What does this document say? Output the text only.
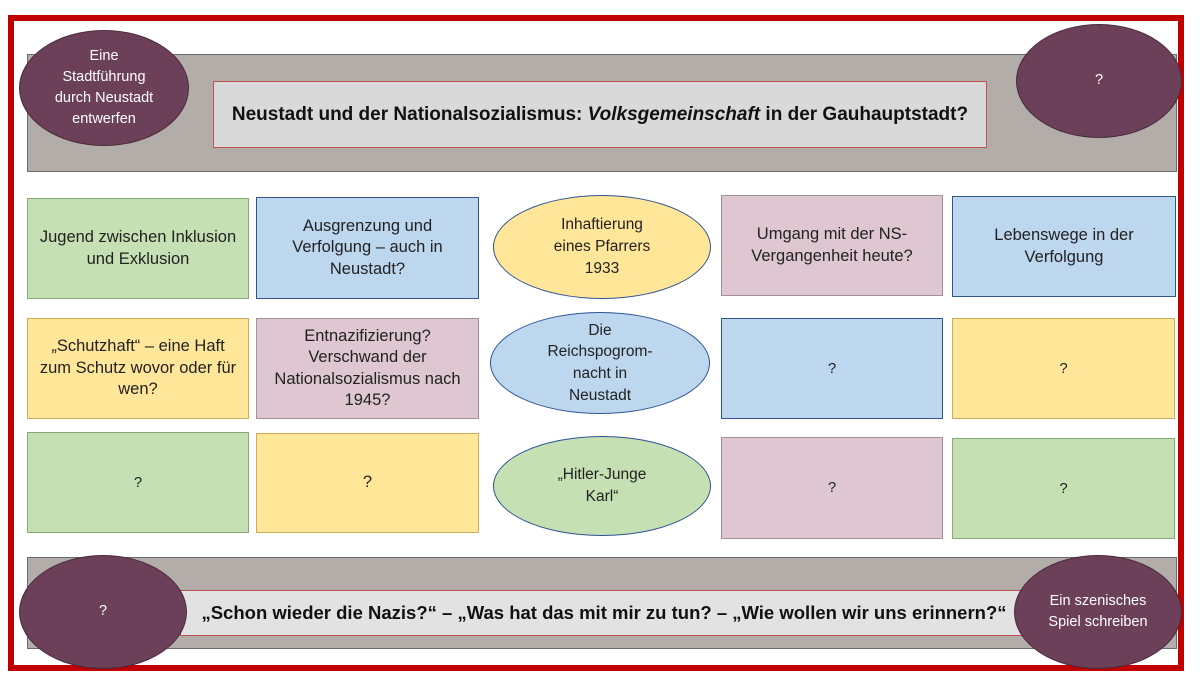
Neustadt und der Nationalsozialismus: Volksgemeinschaft in der Gauhauptstadt?
„Schon wieder die Nazis?“ – „Was hat das mit mir zu tun? – „Wie wollen wir uns erinnern?“
Eine Stadtführung durch Neustadt entwerfen
?
?
Ein szenisches Spiel schreiben
Jugend zwischen Inklusion und Exklusion
Ausgrenzung und Verfolgung – auch in Neustadt?
Inhaftierung eines Pfarrers 1933
Umgang mit der NS-Vergangenheit heute?
Lebenswege in der Verfolgung
„Schutzhaft“ – eine Haft zum Schutz wovor oder für wen?
Entnazifizierung? Verschwand der Nationalsozialismus nach 1945?
Die Reichspogrom-nacht in Neustadt
?	?
?	?	„Hitler-Junge Karl“
?	?
